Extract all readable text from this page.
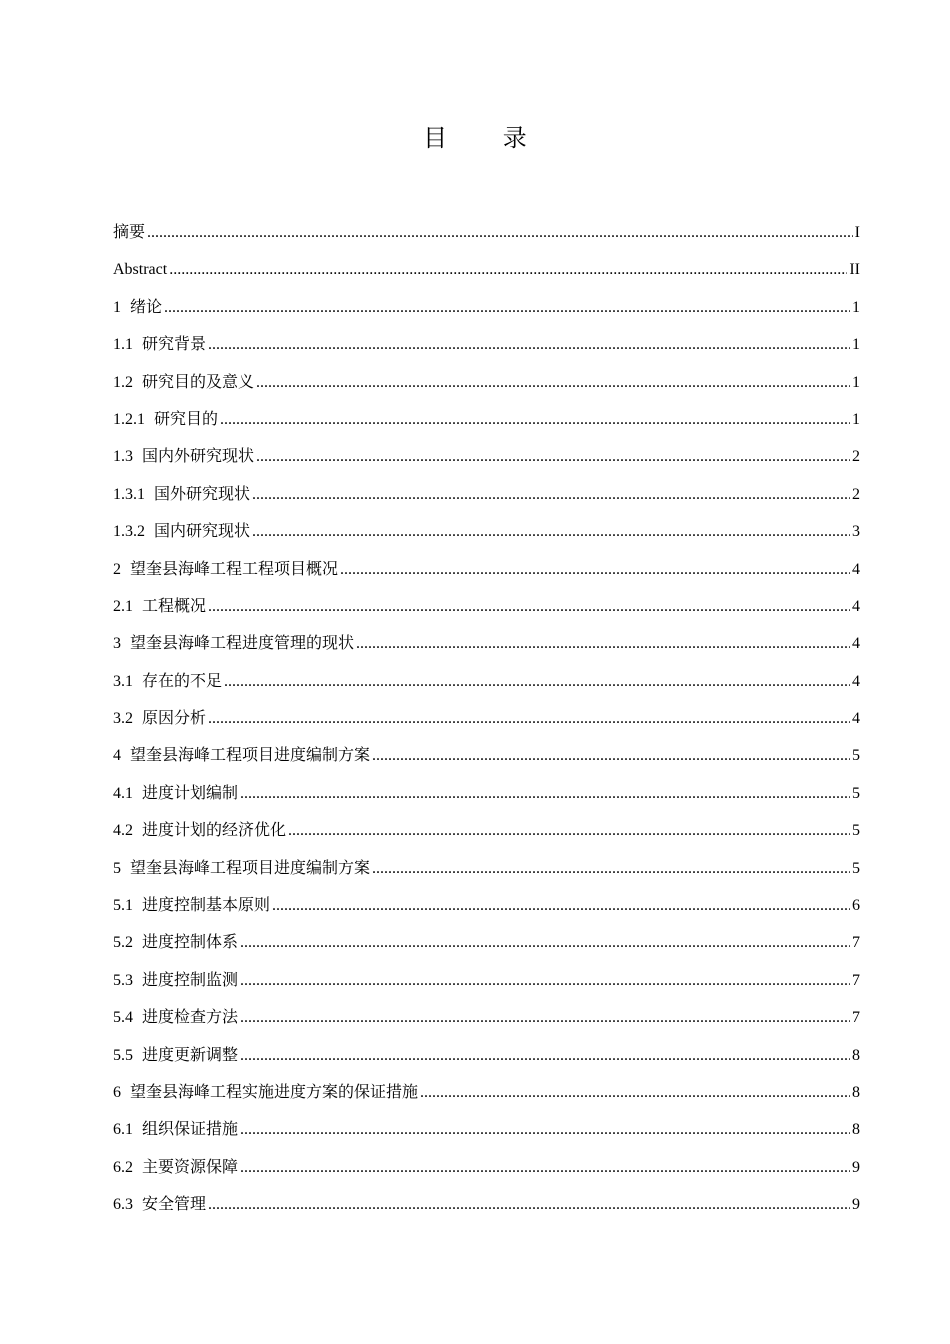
目 录
摘要 .....	I
Abstract .....	II
1 绪论 .....	1
1.1 研究背景 .....	1
1.2 研究目的及意义 .....	1
1.2.1 研究目的 .....	1
1.3 国内外研究现状 .....	2
1.3.1 国外研究现状 .....	2
1.3.2 国内研究现状 .....	3
2 望奎县海峰工程工程项目概况 .....	4
2.1 工程概况 .....	4
3 望奎县海峰工程进度管理的现状 .....	4
3.1 存在的不足 .....	4
3.2 原因分析 .....	4
4 望奎县海峰工程项目进度编制方案 .....	5
4.1 进度计划编制 .....	5
4.2 进度计划的经济优化 .....	5
5 望奎县海峰工程项目进度编制方案 .....	5
5.1 进度控制基本原则 .....	6
5.2 进度控制体系 .....	7
5.3 进度控制监测 .....	7
5.4 进度检查方法 .....	7
5.5 进度更新调整 .....	8
6 望奎县海峰工程实施进度方案的保证措施 .....	8
6.1 组织保证措施 .....	8
6.2 主要资源保障 .....	9
6.3 安全管理 .....	9
